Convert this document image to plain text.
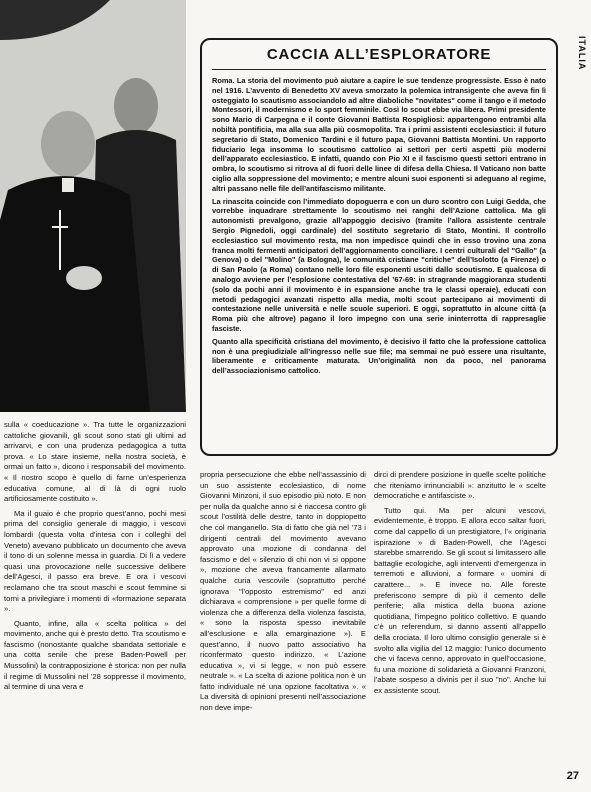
ITALIA
CACCIA ALL’ESPLORATORE

Roma. La storia del movimento può aiutare a capire le sue tendenze progressiste. Esso è nato nel 1916. L’avvento di Benedetto XV aveva smorzato la polemica intransigente che aveva fin lì osteggiato lo scautismo associandolo ad altre diaboliche "novitates" come il tango e il metodo Montessori, il modernismo e lo sport femminile. Così lo scout ebbe via libera. Primi presidente sono Mario di Carpegna e il conte Giovanni Battista Rospigliosi: appartengono entrambi alla nobiltà pontificia, ma alla sua alla più cosmopolita. Tra i primi assistenti ecclesiastici: il futuro segretario di Stato, Domenico Tardini e il futuro papa, Giovanni Battista Montini. Un rapporto fiduciario lega insomma lo scoutismo cattolico ai settori per certi aspetti più moderni dell’apparato ecclesiastico. E infatti, quando con Pio XI e il fascismo questi settori entrano in ombra, lo scoutismo si ritrova al di fuori delle linee di difesa della Chiesa. Il Vaticano non batte ciglio alla soppressione del movimento; e mentre alcuni suoi esponenti si adeguano al regime, altri passano nelle file dell’antifascismo militante.

La rinascita coincide con l’immediato dopoguerra e con un duro scontro con Luigi Gedda, che vorrebbe inquadrare strettamente lo scoutismo nei ranghi dell’Azione cattolica. Ma gli autonomisti prevalgono, grazie all’appoggio decisivo (tramite l’allora assistente centrale Sergio Pignedoli, oggi cardinale) del sostituto segretario di Stato, Montini. Il controllo ecclesiastico sul movimento resta, ma non impedisce quindi che in esso trovino una zona franca molti fermenti anticipatori dell’aggiornamento conciliare. I centri culturali del "Gallo" (a Genova) o del "Molino" (a Bologna), le comunità cristiane "critiche" dell’Isolotto (a Firenze) o di San Paolo (a Roma) contano nelle loro file esponenti usciti dallo scoutismo. E qualcosa di analogo avviene per l’esplosione contestativa del ’67-69: in stragrande maggioranza studenti (solo da pochi anni il movimento è in espansione anche tra le classi operaie), educati con metodi pedagogici avanzati rispetto alla media, molti scout partecipano ai movimenti di contestazione nelle università e nelle scuole superiori. E oggi, soprattutto in alcune città (a Roma più che altrove) pagano il loro impegno con una serie ininterrotta di rappresaglie fasciste.

Quanto alla specificità cristiana del movimento, è decisivo il fatto che la professione cattolica non è una pregiudiziale all’ingresso nelle sue file; ma semmai ne può essere una risultante, liberamente e criticamente maturata. Un’originalità non da poco, nel panorama dell’associazionismo cattolico.

sulla « coeducazione ». Tra tutte le organizzazioni cattoliche giovanili, gli scout sono stati gli ultimi ad arrivarvi, e con una prudenza pedagogica a tutta prova. « Lo stare insieme, nella nostra società, è ormai un fatto », dicono i responsabili del movimento. « Il nostro scopo è quello di farne un’esperienza educativa comune, al di là di ogni ruolo artificiosamente costituito ».

Ma il guaio è che proprio quest’anno, pochi mesi prima del consiglio generale di maggio, i vescovi lombardi (questa volta d’intesa con i colleghi del Veneto) avevano pubblicato un documento che aveva il tono di un solenne messa in guardia. Di lì a vedere quasi una provocazione nelle successive delibere dell’Agesci, il passo era breve. E ora i vescovi reclamano che tra scout maschi e scout femmine si torni a privilegiare i momenti di «formazione separata ».

Quanto, infine, alla « scelta politica » del movimento, anche qui è presto detto. Tra scoutismo e fascismo (nonostante qualche sbandata settoriale e una cotta senile che prese Baden-Powell per Mussolini) la contrapposizione è storica: non per nulla il regime di Mussolini nel ’28 soppresse il movimento, al termine di una vera e

propria persecuzione che ebbe nell’assassinio di un suo assistente ecclesiastico, di nome Giovanni Minzoni, il suo episodio più noto. E non per nulla da qualche anno si è riaccesa contro gli scout l’ostilità delle destre, tanto in doppiopetto che col manganello. Sta di fatto che già nel ’73 i dirigenti centrali del movimento avevano approvato una mozione di condanna del fascismo e del « silenzio di chi non vi si oppone », mozione che aveva francamente allarmato qualche curia vescovile (soprattutto perché ignorava "l’opposto estremismo" ed anzi dichiarava « comprensione » per quelle forme di violenza che a differenza della violenza fascista, « sono la risposta spesso inevitabile all’esclusione e alla emarginazione »). E quest’anno, il nuovo patto associativo ha riconfermato questo indirizzo. « L’azione educativa », vi si legge, « non può essere neutrale ». « La scelta di azione politica non è un fatto individuale né una opzione facoltativa ». « La diversità di opinioni presenti nell’associazione non deve impe-

dirci di prendere posizione in quelle scelte politiche che riteniamo irrinunciabili »: anzitutto le « scelte democratiche e antifasciste ».

Tutto qui. Ma per alcuni vescovi, evidentemente, è troppo. E allora ecco saltar fuori, come dal cappello di un prestigiatore, l’« originaria ispirazione » di Baden-Powell, che l’Agesci starebbe smarrendo. Se gli scout si limitassero alle battaglie ecologiche, agli interventi d’emergenza in terremoti e alluvioni, a formare « uomini di carattere... ». E invece no. Alle foreste preferiscono sempre di più il cemento delle periferie; alla mistica della buona azione quotidiana, l’impegno politico collettivo. E quando c’è un referendum, si danno assenti all’appello della crociata. Il loro ultimo consiglio generale si è svolto alla vigilia del 12 maggio: l’unico documento che vi faceva cenno, approvato in quell’occasione, fu una mozione di solidarietà a Giovanni Franzoni, l’abate sospeso a divinis per il suo "no". Anche lui ex assistente scout.

27
